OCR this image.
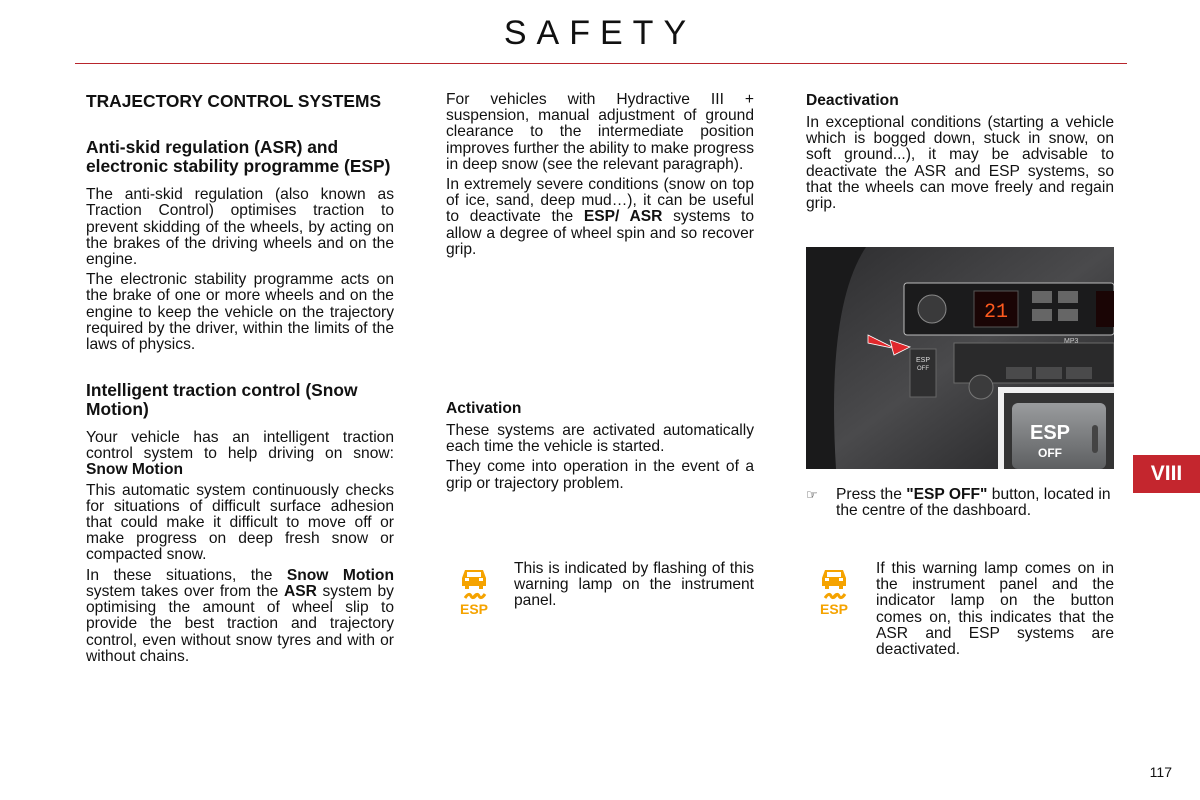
SAFETY
TRAJECTORY CONTROL SYSTEMS
Anti-skid regulation (ASR) and electronic stability programme (ESP)

The anti-skid regulation (also known as Traction Control) optimises traction to prevent skidding of the wheels, by acting on the brakes of the driving wheels and on the engine.

The electronic stability programme acts on the brake of one or more wheels and on the engine to keep the vehicle on the trajectory required by the driver, within the limits of the laws of physics.

Intelligent traction control (Snow Motion)

Your vehicle has an intelligent traction control system to help driving on snow: Snow Motion

This automatic system continuously checks for situations of difficult surface adhesion that could make it difficult to move off or make progress on deep fresh snow or compacted snow.

In these situations, the Snow Motion system takes over from the ASR system by optimising the amount of wheel slip to provide the best traction and trajectory control, even without snow tyres and with or without chains.

For vehicles with Hydractive III + suspension, manual adjustment of ground clearance to the intermediate position improves further the ability to make progress in deep snow (see the relevant paragraph).

In extremely severe conditions (snow on top of ice, sand, deep mud…), it can be useful to deactivate the ESP/ ASR systems to allow a degree of wheel spin and so recover grip.

Activation

These systems are activated automatically each time the vehicle is started.

They come into operation in the event of a grip or trajectory problem.

This is indicated by flashing of this warning lamp on the instrument panel.

Deactivation

In exceptional conditions (starting a vehicle which is bogged down, stuck in snow, on soft ground...), it may be advisable to deactivate the ASR and ESP systems, so that the wheels can move freely and regain grip.

☞	Press the "ESP OFF" button, located in the centre of the dashboard.

If this warning lamp comes on in the instrument panel and the indicator lamp on the button comes on, this indicates that the ASR and ESP systems are deactivated.

ESP	ESP
21
MP3
ESP
OFF
ESP
OFF
VIII
117
